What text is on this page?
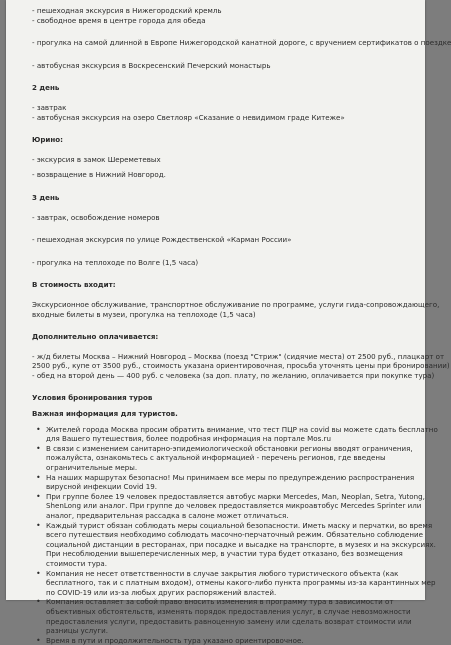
- пешеходная экскурсия в Нижегородский кремль
- свободное время в центре города для обеда
- прогулка на самой длинной в Европе Нижегородской канатной дороге, с вручением сертификатов о поездке
- автобусная экскурсия в Воскресенский Печерский монастырь
2 день
- завтрак
- автобусная экскурсия на озеро Светлояр «Сказание о невидимом граде Китеже»
Юрино:
- экскурсия в замок Шереметевых
- возвращение в Нижний Новгород.
3 день
- завтрак, освобождение номеров
- пешеходная экскурсия по улице Рождественской «Карман России»
- прогулка на теплоходе по Волге (1,5 часа)
В стоимость входит:
Экскурсионное обслуживание, транспортное обслуживание по программе, услуги гида-сопровождающего,
входные билеты в музеи, прогулка на теплоходе (1,5 часа)
Дополнительно оплачивается:
- ж/д билеты Москва – Нижний Новгород – Москва (поезд "Стриж" (сидячие места) от 2500 руб., плацкарт от
2500 руб., купе от 3500 руб., стоимость указана ориентировочная, просьба уточнять цены при бронировании)
- обед на второй день — 400 руб. с человека (за доп. плату, по желанию, оплачивается при покупке тура)
Условия бронирования туров
Важная информация для туристов.
• Жителей города Москва просим обратить внимание, что тест ПЦР на covid вы можете сдать бесплатно
для Вашего путешествия, более подробная информация на портале Mos.ru
• В связи с изменением санитарно-эпидемиологической обстановки регионы вводят ограничения,
пожалуйста, ознакомьтесь с актуальной информацией - перечень регионов, где введены
ограничительные меры.
• На наших маршрутах безопасно! Мы принимаем все меры по предупреждению распространения
вирусной инфекции Covid 19.
• При группе более 19 человек предоставляется автобус марки Mercedes, Man, Neoplan, Setra, Yutong,
ShenLong или аналог. При группе до человек предоставляется микроавтобус Mercedes Sprinter или
аналог, предварительная рассадка в салоне может отличаться.
• Каждый турист обязан соблюдать меры социальной безопасности. Иметь маску и перчатки, во время
всего путешествия необходимо соблюдать масочно-перчаточный режим. Обязательно соблюдение
социальной дистанции в ресторанах, при посадке и высадке на транспорте, в музеях и на экскурсиях.
При несоблюдении вышеперечисленных мер, в участии тура будет отказано, без возмещения
стоимости тура.
• Компания не несет ответственности в случае закрытия любого туристического объекта (как
бесплатного, так и с платным входом), отмены какого-либо пункта программы из-за карантинных мер
по COVID-19 или из-за любых других распоряжений властей.
• Компания оставляет за собой право вносить изменения в программу тура в зависимости от
объективных обстоятельств, изменять порядок предоставления услуг, в случае невозможности
предоставления услуги, предоставить равноценную замену или сделать возврат стоимости или
разницы услуги.
• Время в пути и продолжительность тура указано ориентировочное.
